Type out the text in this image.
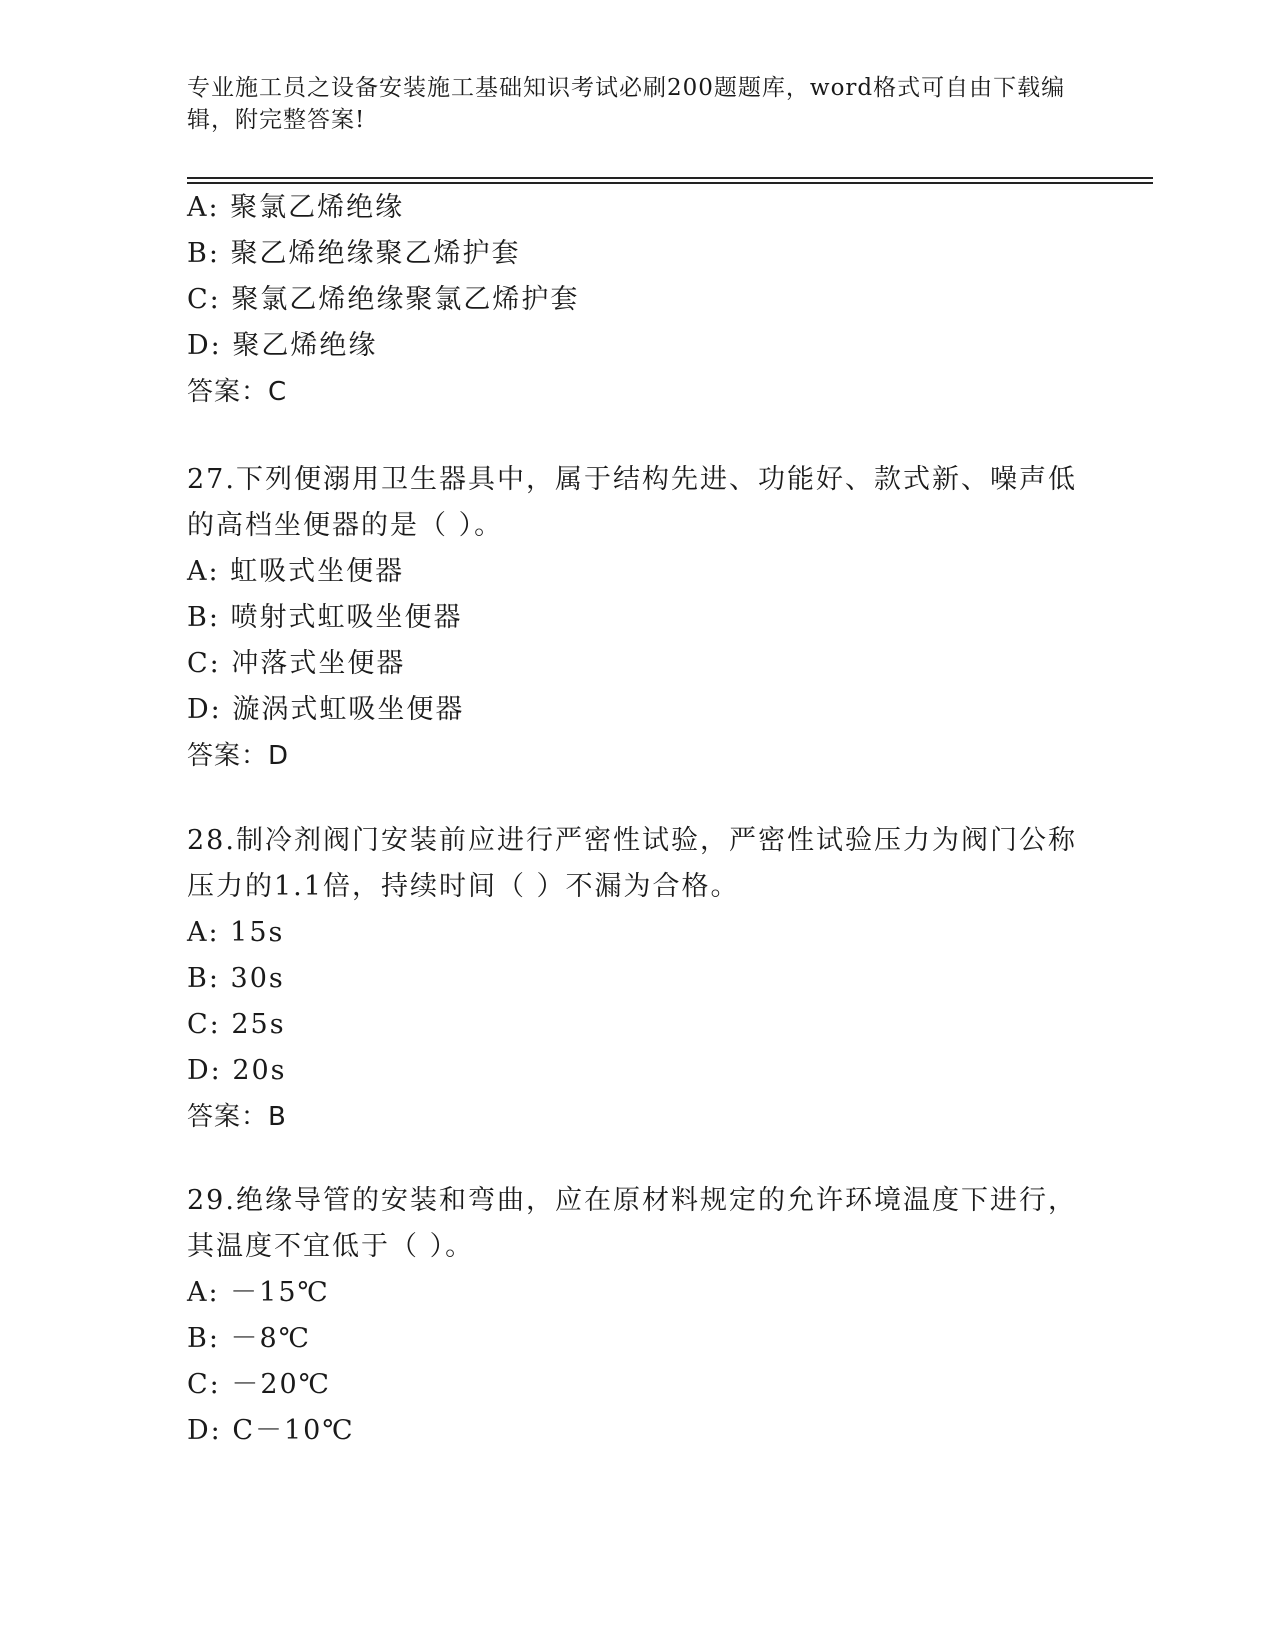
专业施工员之设备安装施工基础知识考试必刷200题题库，word格式可自由下载编辑，附完整答案!
A: 聚氯乙烯绝缘
B: 聚乙烯绝缘聚乙烯护套
C: 聚氯乙烯绝缘聚氯乙烯护套
D: 聚乙烯绝缘
答案：C
27.下列便溺用卫生器具中，属于结构先进、功能好、款式新、噪声低的高档坐便器的是（ ）。
A: 虹吸式坐便器
B: 喷射式虹吸坐便器
C: 冲落式坐便器
D: 漩涡式虹吸坐便器
答案：D
28.制冷剂阀门安装前应进行严密性试验，严密性试验压力为阀门公称压力的1.1倍，持续时间（ ）不漏为合格。
A: 15s
B: 30s
C: 25s
D: 20s
答案：B
29.绝缘导管的安装和弯曲，应在原材料规定的允许环境温度下进行，其温度不宜低于（ ）。
A: －15℃
B: －8℃
C: －20℃
D: C－10℃
